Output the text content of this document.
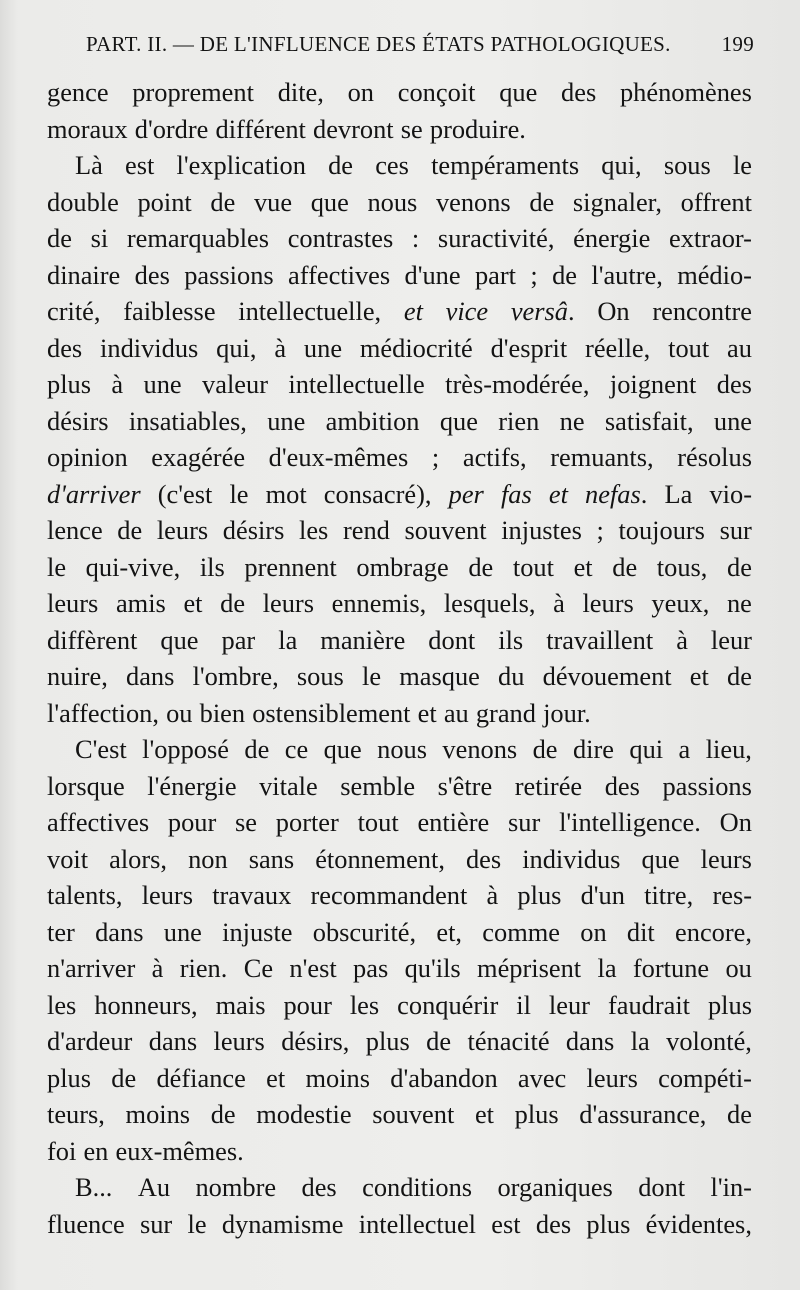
PART. II. — DE L'INFLUENCE DES ÉTATS PATHOLOGIQUES. 199
gence proprement dite, on conçoit que des phénomènes
moraux d'ordre différent devront se produire.
Là est l'explication de ces tempéraments qui, sous le
double point de vue que nous venons de signaler, offrent
de si remarquables contrastes : suractivité, énergie extraor-
dinaire des passions affectives d'une part ; de l'autre, médio-
crité, faiblesse intellectuelle, et vice versâ. On rencontre
des individus qui, à une médiocrité d'esprit réelle, tout au
plus à une valeur intellectuelle très-modérée, joignent des
désirs insatiables, une ambition que rien ne satisfait, une
opinion exagérée d'eux-mêmes ; actifs, remuants, résolus
d'arriver (c'est le mot consacré), per fas et nefas. La vio-
lence de leurs désirs les rend souvent injustes ; toujours sur
le qui-vive, ils prennent ombrage de tout et de tous, de
leurs amis et de leurs ennemis, lesquels, à leurs yeux, ne
diffèrent que par la manière dont ils travaillent à leur
nuire, dans l'ombre, sous le masque du dévouement et de
l'affection, ou bien ostensiblement et au grand jour.
C'est l'opposé de ce que nous venons de dire qui a lieu,
lorsque l'énergie vitale semble s'être retirée des passions
affectives pour se porter tout entière sur l'intelligence. On
voit alors, non sans étonnement, des individus que leurs
talents, leurs travaux recommandent à plus d'un titre, res-
ter dans une injuste obscurité, et, comme on dit encore,
n'arriver à rien. Ce n'est pas qu'ils méprisent la fortune ou
les honneurs, mais pour les conquérir il leur faudrait plus
d'ardeur dans leurs désirs, plus de ténacité dans la volonté,
plus de défiance et moins d'abandon avec leurs compéti-
teurs, moins de modestie souvent et plus d'assurance, de
foi en eux-mêmes.
B... Au nombre des conditions organiques dont l'in-
fluence sur le dynamisme intellectuel est des plus évidentes,
